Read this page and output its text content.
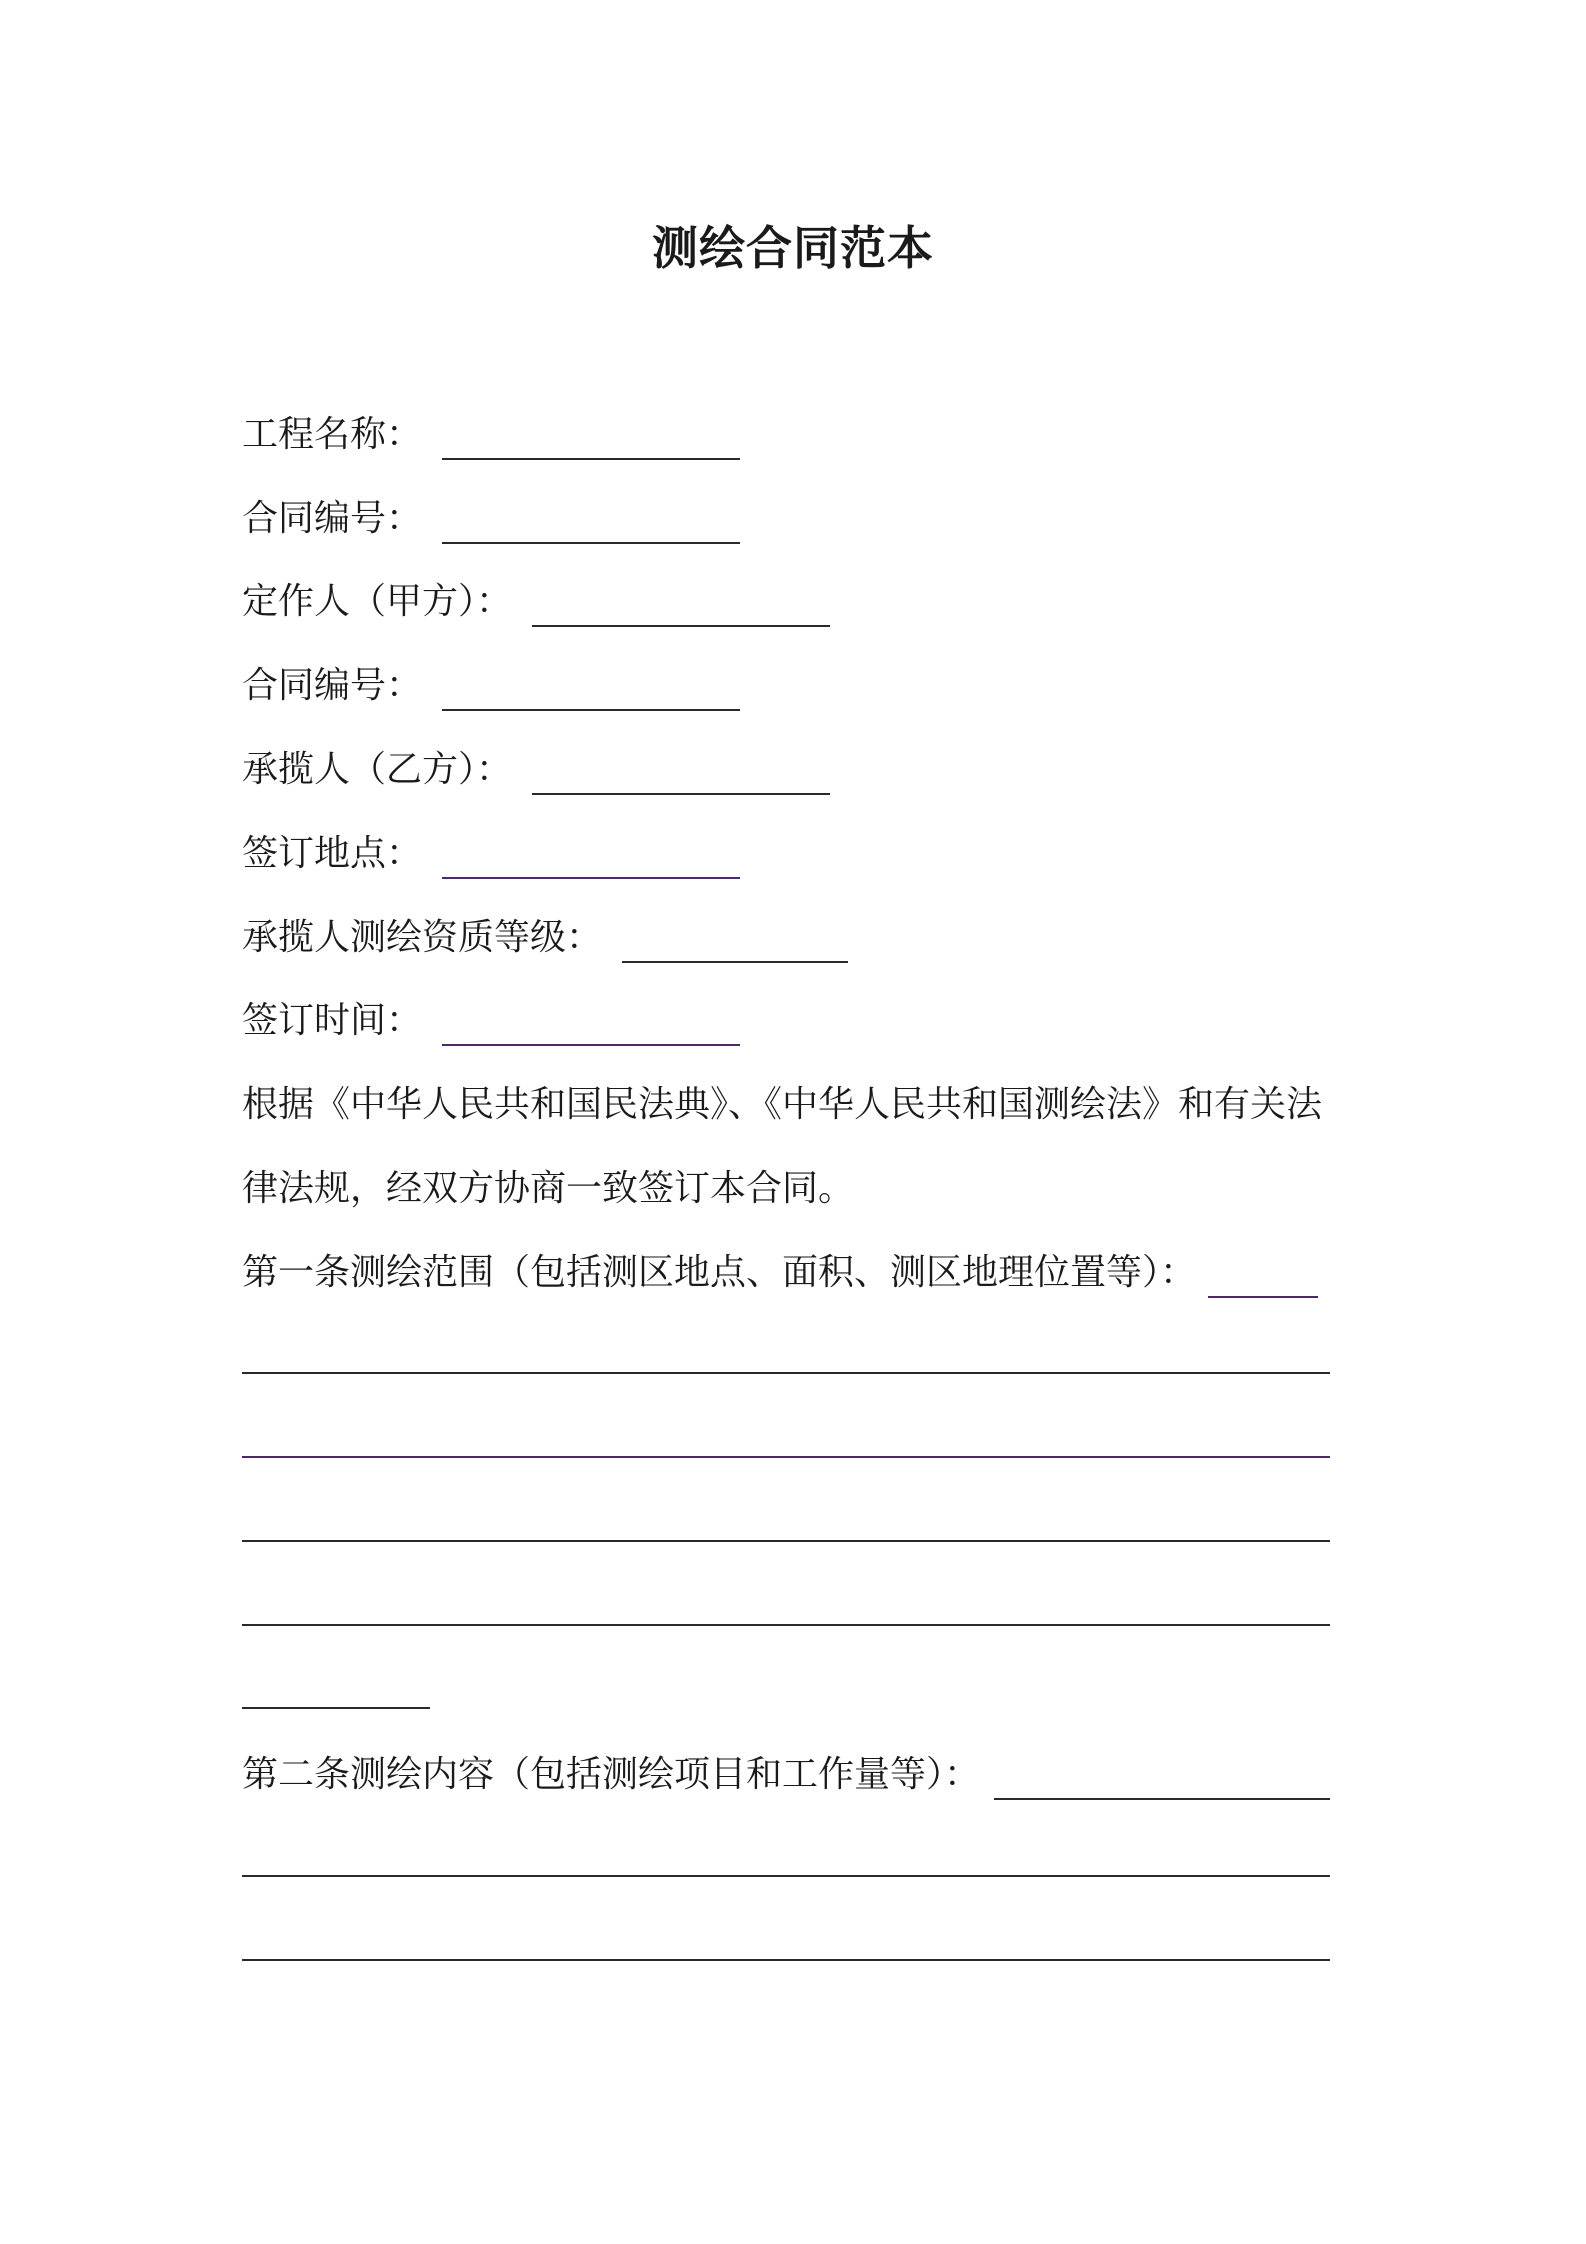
测绘合同范本
工程名称：
合同编号：
定作人（甲方）：
合同编号：
承揽人（乙方）：
签订地点：
承揽人测绘资质等级：
签订时间：
根据《中华人民共和国民法典》、《中华人民共和国测绘法》和有关法
律法规，经双方协商一致签订本合同。
第一条测绘范围（包括测区地点、面积、测区地理位置等）：
第二条测绘内容（包括测绘项目和工作量等）：
